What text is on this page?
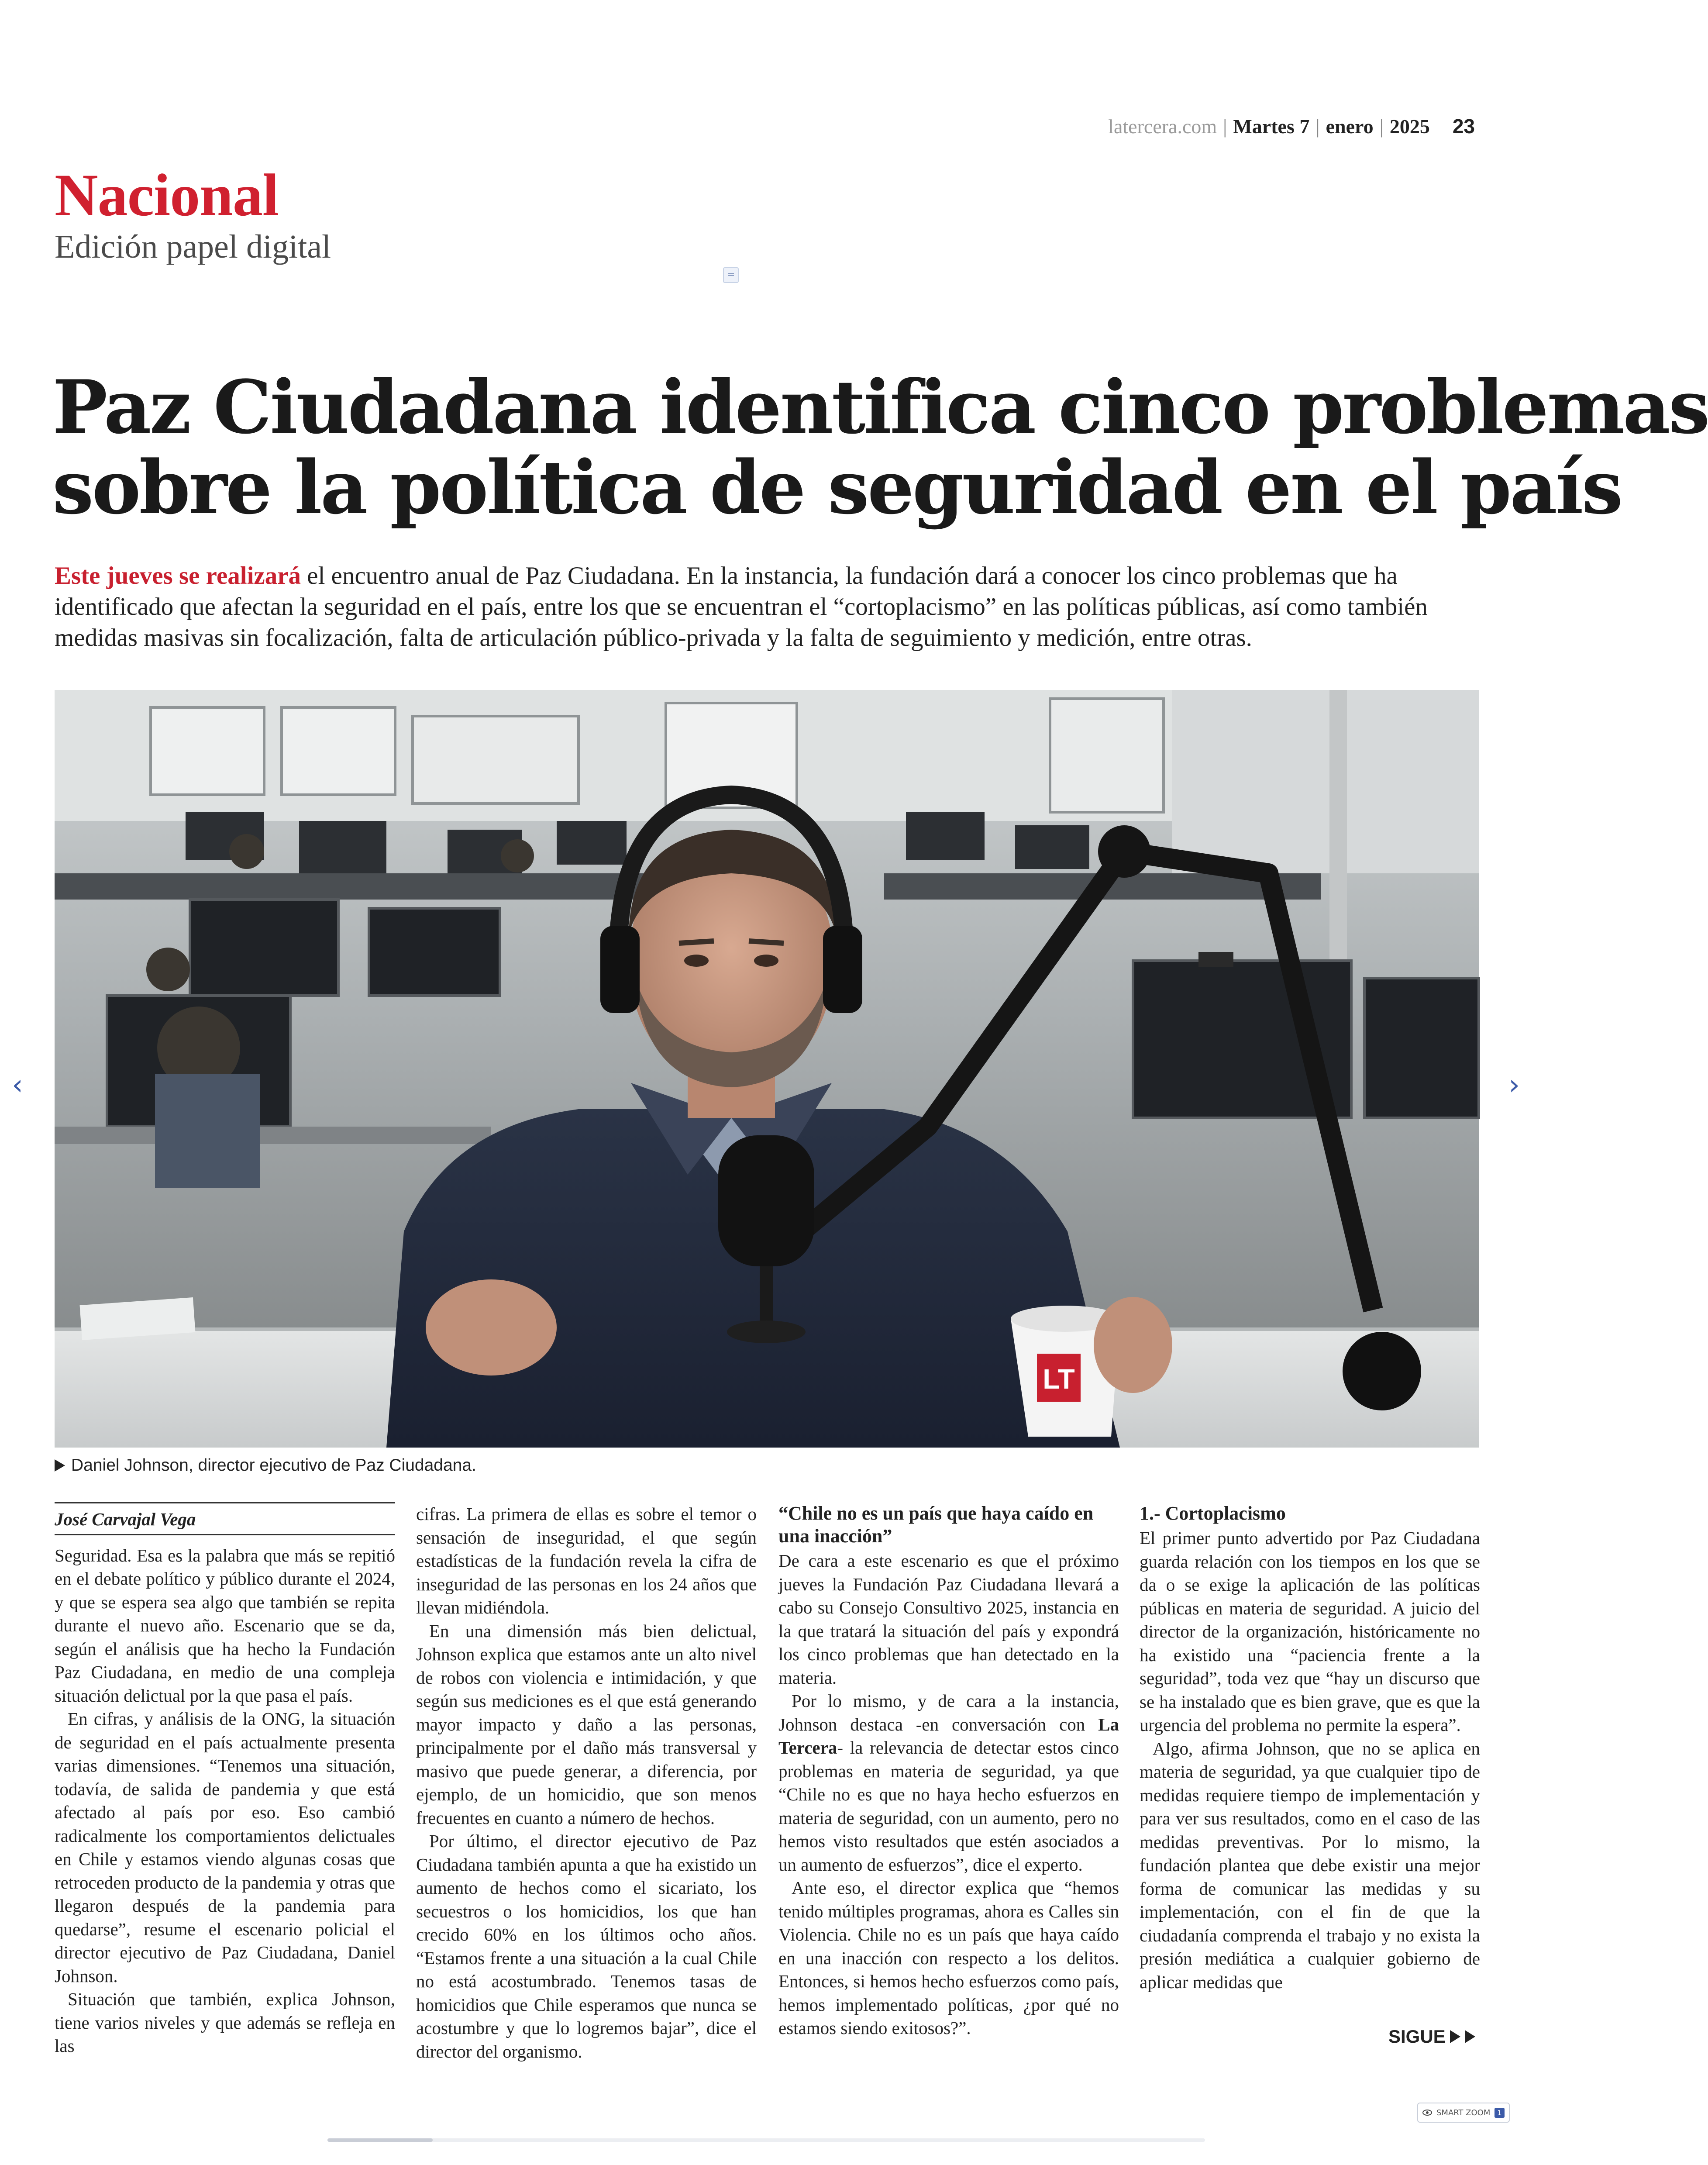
latercera.com | Martes 7 | enero | 2025 23
Nacional
Edición papel digital
Paz Ciudadana identifica cinco problemas
sobre la política de seguridad en el país
Este jueves se realizará el encuentro anual de Paz Ciudadana. En la instancia, la fundación dará a conocer los cinco problemas que ha identificado que afectan la seguridad en el país, entre los que se encuentran el “cortoplacismo” en las políticas públicas, así como también medidas masivas sin focalización, falta de articulación público-privada y la falta de seguimiento y medición, entre otras.
LT
Daniel Johnson, director ejecutivo de Paz Ciudadana.
José Carvajal Vega

Seguridad. Esa es la palabra que más se repitió en el debate político y público durante el 2024, y que se espera sea algo que también se repita durante el nuevo año. Escenario que se da, según el análisis que ha hecho la Fundación Paz Ciudadana, en medio de una compleja situación delictual por la que pasa el país.

En cifras, y análisis de la ONG, la situación de seguridad en el país actualmente presenta varias dimensiones. “Tenemos una situación, todavía, de salida de pandemia y que está afectado al país por eso. Eso cambió radicalmente los comportamientos delictuales en Chile y estamos viendo algunas cosas que retroceden producto de la pandemia y otras que llegaron después de la pandemia para quedarse”, resume el escenario policial el director ejecutivo de Paz Ciudadana, Daniel Johnson.

Situación que también, explica Johnson, tiene varios niveles y que además se refleja en las

cifras. La primera de ellas es sobre el temor o sensación de inseguridad, el que según estadísticas de la fundación revela la cifra de inseguridad de las personas en los 24 años que llevan midiéndola.

En una dimensión más bien delictual, Johnson explica que estamos ante un alto nivel de robos con violencia e intimidación, y que según sus mediciones es el que está generando mayor impacto y daño a las personas, principalmente por el daño más transversal y masivo que puede generar, a diferencia, por ejemplo, de un homicidio, que son menos frecuentes en cuanto a número de hechos.

Por último, el director ejecutivo de Paz Ciudadana también apunta a que ha existido un aumento de hechos como el sicariato, los secuestros o los homicidios, los que han crecido 60% en los últimos ocho años. “Estamos frente a una situación a la cual Chile no está acostumbrado. Tenemos tasas de homicidios que Chile esperamos que nunca se acostumbre y que lo logremos bajar”, dice el director del organismo.

“Chile no es un país que haya caído en una inacción”

De cara a este escenario es que el próximo jueves la Fundación Paz Ciudadana llevará a cabo su Consejo Consultivo 2025, instancia en la que tratará la situación del país y expondrá los cinco problemas que han detectado en la materia.

Por lo mismo, y de cara a la instancia, Johnson destaca -en conversación con La Tercera- la relevancia de detectar estos cinco problemas en materia de seguridad, ya que “Chile no es que no haya hecho esfuerzos en materia de seguridad, con un aumento, pero no hemos visto resultados que estén asociados a un aumento de esfuerzos”, dice el experto.

Ante eso, el director explica que “hemos tenido múltiples programas, ahora es Calles sin Violencia. Chile no es un país que haya caído en una inacción con respecto a los delitos. Entonces, si hemos hecho esfuerzos como país, hemos implementado políticas, ¿por qué no estamos siendo exitosos?”.

1.- Cortoplacismo

El primer punto advertido por Paz Ciudadana guarda relación con los tiempos en los que se da o se exige la aplicación de las políticas públicas en materia de seguridad. A juicio del director de la organización, históricamente no ha existido una “paciencia frente a la seguridad”, toda vez que “hay un discurso que se ha instalado que es bien grave, que es que la urgencia del problema no permite la espera”.

Algo, afirma Johnson, que no se aplica en materia de seguridad, ya que cualquier tipo de medidas requiere tiempo de implementación y para ver sus resultados, como en el caso de las medidas preventivas. Por lo mismo, la fundación plantea que debe existir una mejor forma de comunicar las medidas y su implementación, con el fin de que la ciudadanía comprenda el trabajo y no exista la presión mediática a cualquier gobierno de aplicar medidas que

SIGUE
‹	›
SMART ZOOM	1
